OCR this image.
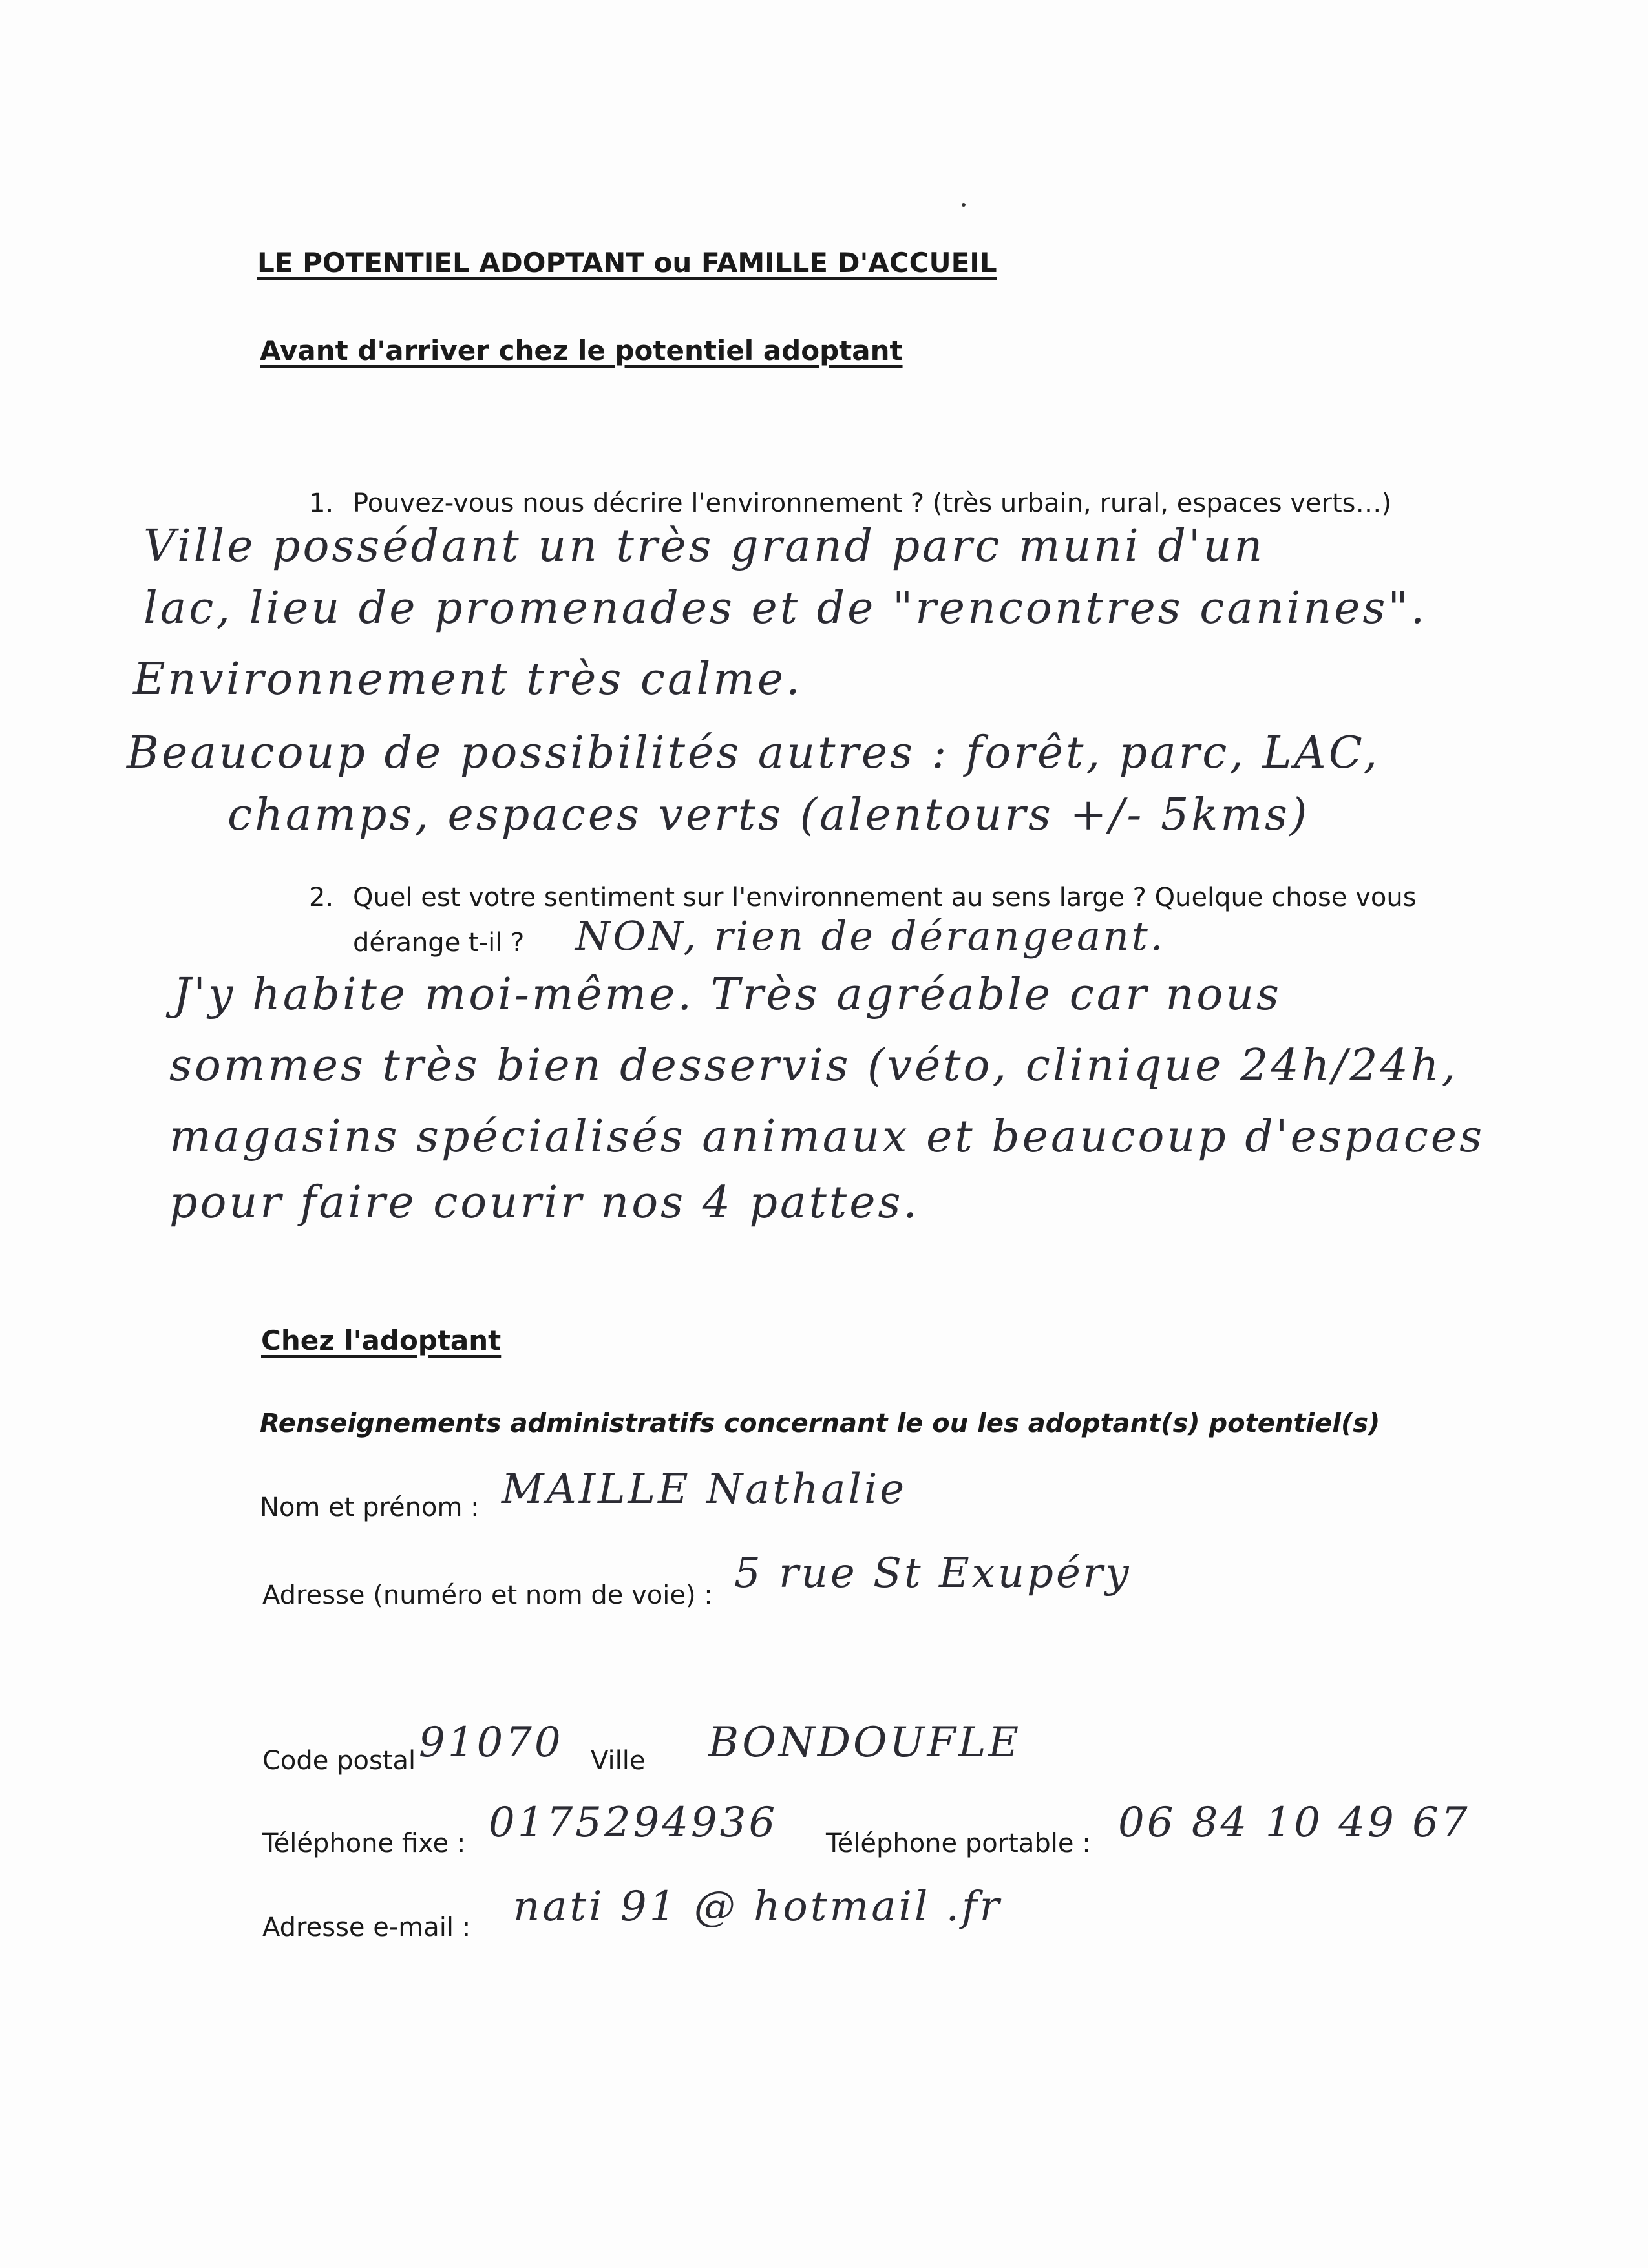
LE POTENTIEL ADOPTANT ou FAMILLE D'ACCUEIL
Avant d'arriver chez le potentiel adoptant
1. Pouvez-vous nous décrire l'environnement ? (très urbain, rural, espaces verts…)
Ville possédant un très grand parc muni d'un
lac, lieu de promenades et de "rencontres canines".
Environnement très calme.
Beaucoup de possibilités autres : forêt, parc, LAC,
champs, espaces verts (alentours +/- 5kms)
2. Quel est votre sentiment sur l'environnement au sens large ? Quelque chose vous
dérange t-il ? NON, rien de dérangeant.
J'y habite moi-même. Très agréable car nous
sommes très bien desservis (véto, clinique 24h/24h,
magasins spécialisés animaux et beaucoup d'espaces
pour faire courir nos 4 pattes.
Chez l'adoptant
Renseignements administratifs concernant le ou les adoptant(s) potentiel(s)
Nom et prénom : MAILLE Nathalie
Adresse (numéro et nom de voie) : 5 rue St Exupéry
Code postal 91070 Ville BONDOUFLE
Téléphone fixe : 0175294936 Téléphone portable : 06 84 10 49 67
Adresse e-mail : nati 91 @ hotmail .fr
